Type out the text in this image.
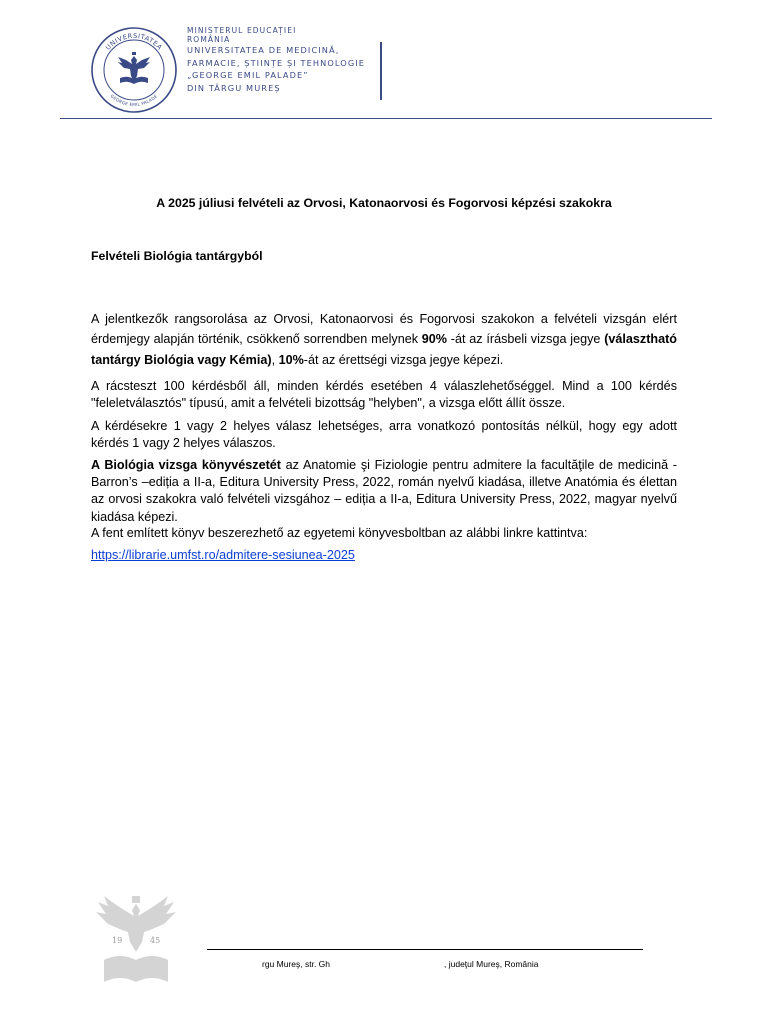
UNIVERSITATEA
GEORGE EMIL PALADE
MINISTERUL EDUCAȚIEI
ROMÂNIA
UNIVERSITATEA DE MEDICINĂ,
FARMACIE, ȘTIINȚE ȘI TEHNOLOGIE
„GEORGE EMIL PALADE”
DIN TÂRGU MUREȘ
A 2025 júliusi felvételi az Orvosi, Katonaorvosi és Fogorvosi képzési szakokra
Felvételi Biológia tantárgyból

A jelentkezők rangsorolása az Orvosi, Katonaorvosi és Fogorvosi szakokon a felvételi vizsgán elért érdemjegy alapján történik, csökkenő sorrendben melynek 90% -át az írásbeli vizsga jegye (választható tantárgy Biológia vagy Kémia), 10%-át az érettségi vizsga jegye képezi.

A rácsteszt 100 kérdésből áll, minden kérdés esetében 4 válaszlehetőséggel. Mind a 100 kérdés "feleletválasztós" típusú, amit a felvételi bizottság "helyben", a vizsga előtt állít össze.

A kérdésekre 1 vagy 2 helyes válasz lehetséges, arra vonatkozó pontosítás nélkül, hogy egy adott kérdés 1 vagy 2 helyes válaszos.

A Biológia vizsga könyvészetét az Anatomie şi Fiziologie pentru admitere la facultăţile de medicină - Barron’s –ediția a II-a, Editura University Press, 2022, román nyelvű kiadása, illetve Anatómia és élettan az orvosi szakokra való felvételi vizsgához – ediția a II-a, Editura University Press, 2022, magyar nyelvű kiadása képezi.

A fent említett könyv beszerezhető az egyetemi könyvesboltban az alábbi linkre kattintva:

https://librarie.umfst.ro/admitere-sesiunea-2025
19	45
rgu Mureş, str. Gh	, judeţul Mureş, România
